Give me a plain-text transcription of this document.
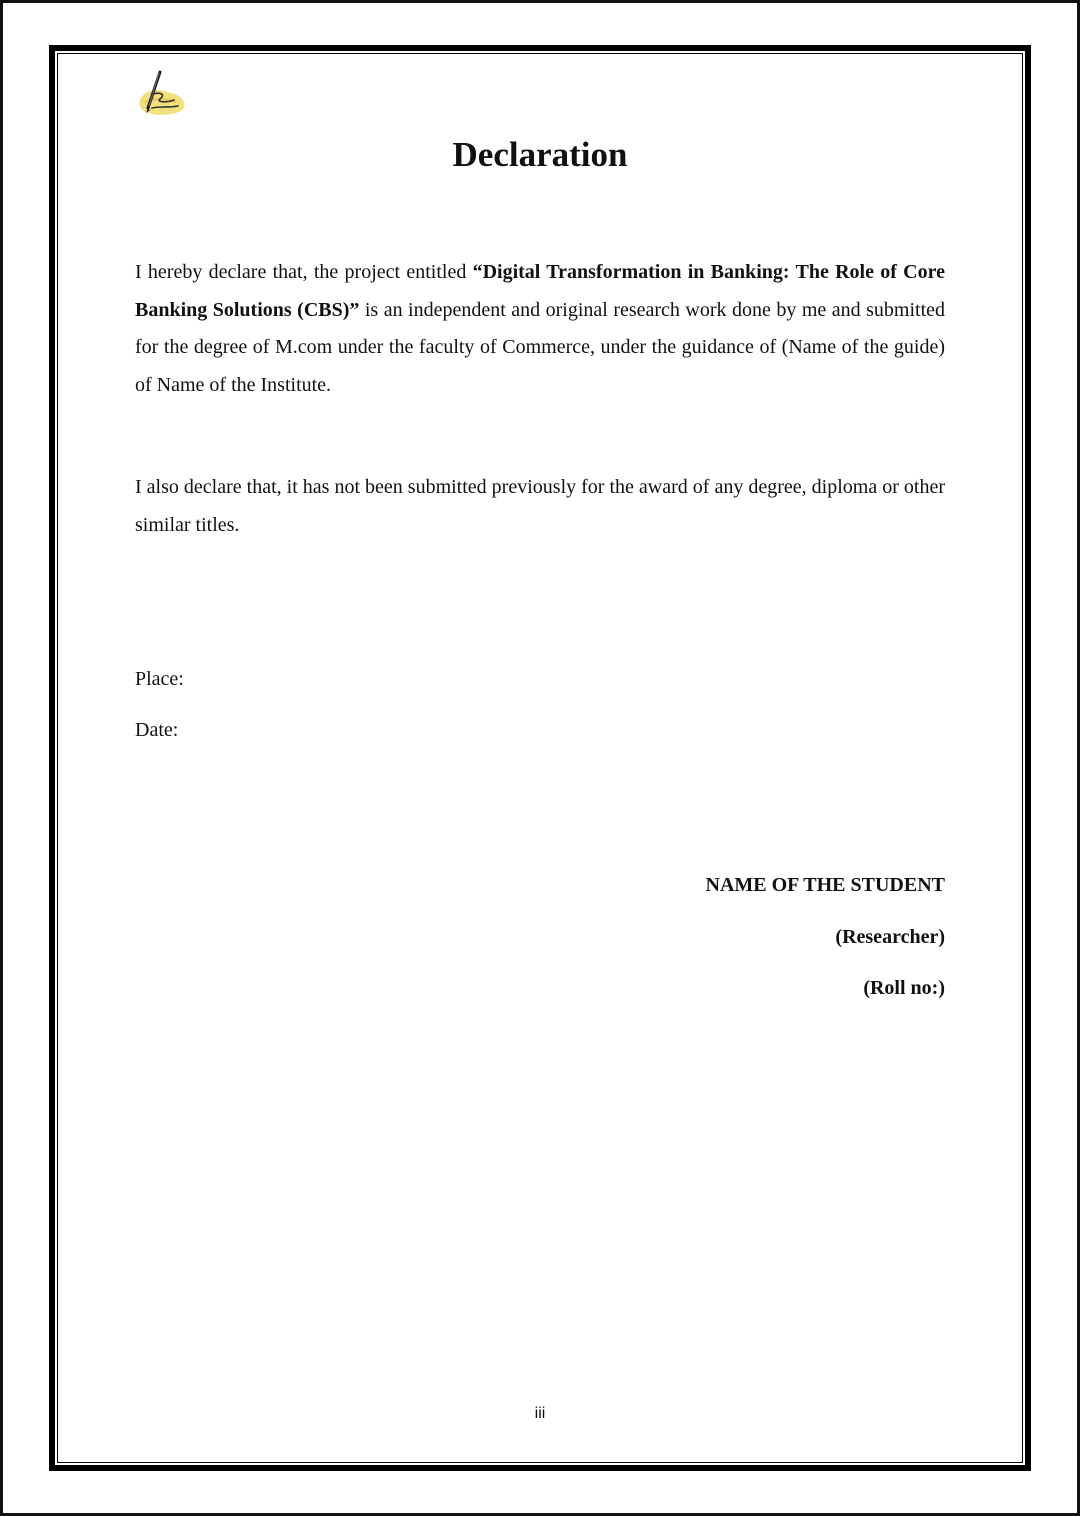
Declaration

I hereby declare that, the project entitled “Digital Transformation in Banking: The Role of Core Banking Solutions (CBS)” is an independent and original research work done by me and submitted for the degree of M.com under the faculty of Commerce, under the guidance of (Name of the guide) of Name of the Institute.

I also declare that, it has not been submitted previously for the award of any degree, diploma or other similar titles.

Place:
Date:
NAME OF THE STUDENT
(Researcher)
(Roll no:)
iii
